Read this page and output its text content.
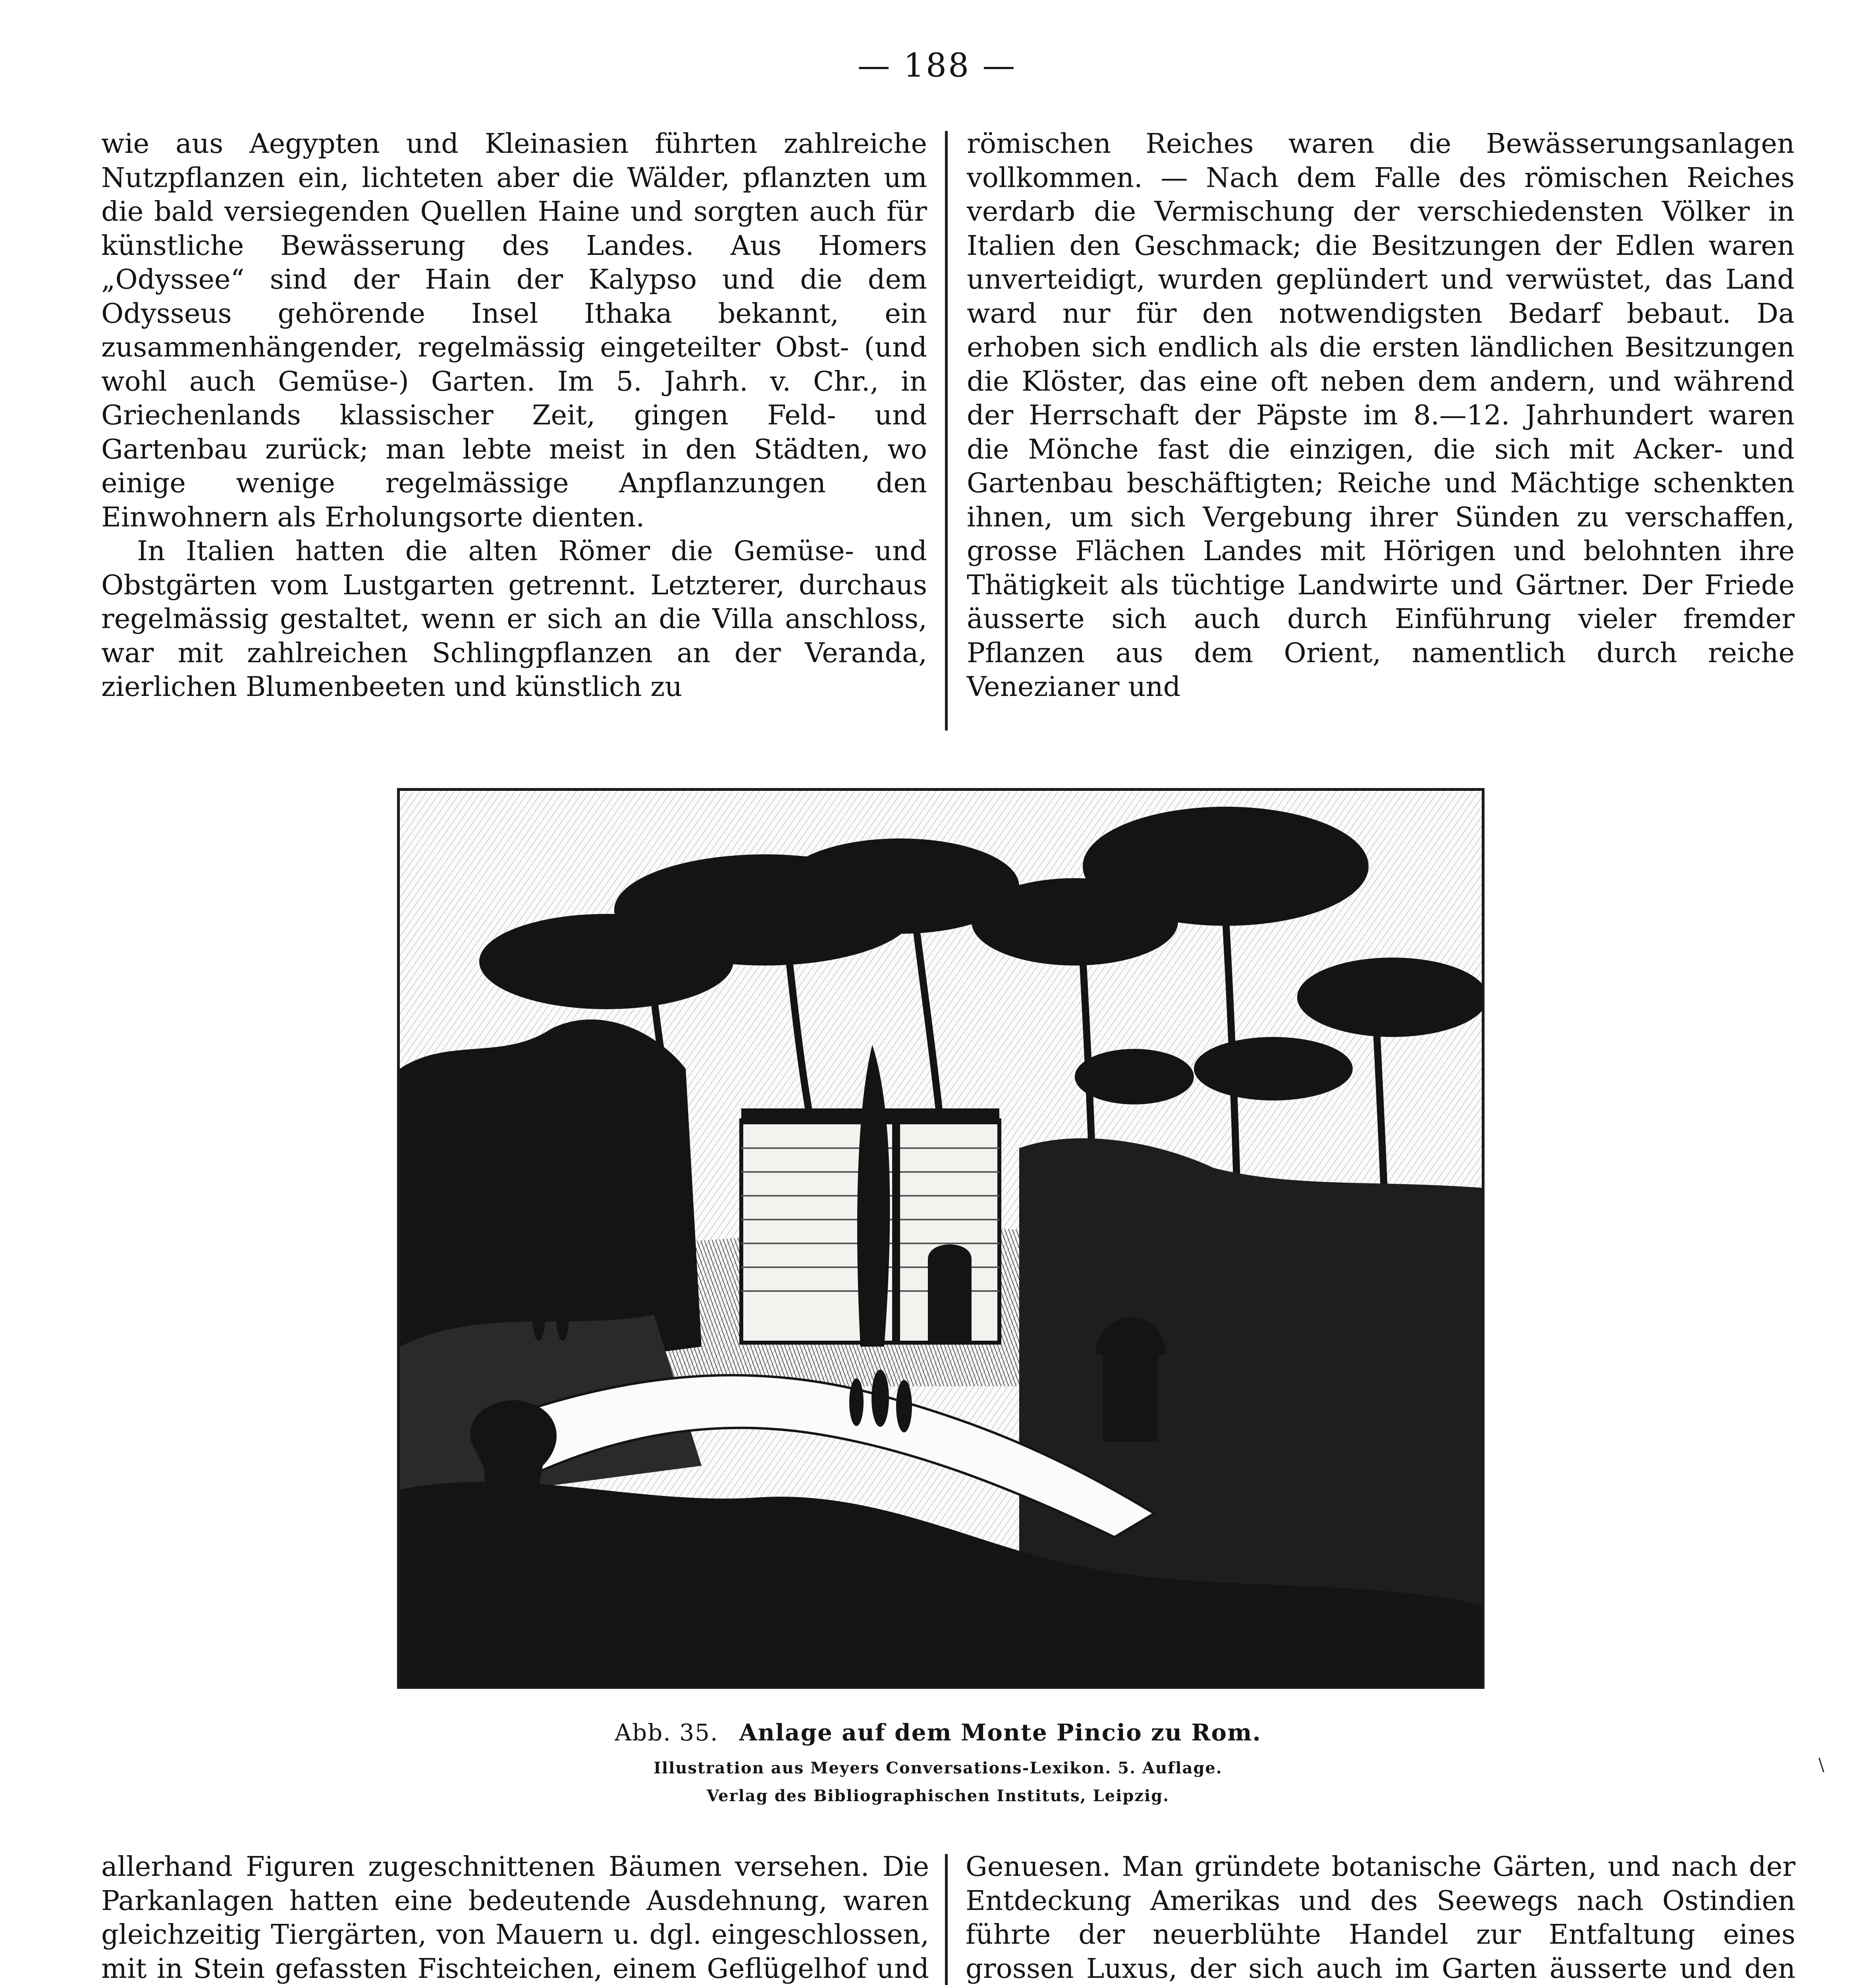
— 188 —

wie aus Aegypten und Kleinasien führten zahlreiche Nutzpflanzen ein, lichteten aber die Wälder, pflanzten um die bald versiegenden Quellen Haine und sorgten auch für künstliche Bewässerung des Landes. Aus Homers „Odyssee“ sind der Hain der Kalypso und die dem Odysseus gehörende Insel Ithaka bekannt, ein zusammenhängender, regelmässig eingeteilter Obst- (und wohl auch Gemüse-) Garten. Im 5. Jahrh. v. Chr., in Griechenlands klassischer Zeit, gingen Feld- und Gartenbau zurück; man lebte meist in den Städten, wo einige wenige regelmässige Anpflanzungen den Einwohnern als Erholungsorte dienten.

In Italien hatten die alten Römer die Gemüse- und Obstgärten vom Lustgarten getrennt. Letzterer, durchaus regelmässig gestaltet, wenn er sich an die Villa anschloss, war mit zahlreichen Schlingpflanzen an der Veranda, zierlichen Blumenbeeten und künstlich zu

römischen Reiches waren die Bewässerungsanlagen vollkommen. — Nach dem Falle des römischen Reiches verdarb die Vermischung der verschiedensten Völker in Italien den Geschmack; die Besitzungen der Edlen waren unverteidigt, wurden geplündert und verwüstet, das Land ward nur für den notwendigsten Bedarf bebaut. Da erhoben sich endlich als die ersten ländlichen Besitzungen die Klöster, das eine oft neben dem andern, und während der Herrschaft der Päpste im 8.—12. Jahrhundert waren die Mönche fast die einzigen, die sich mit Acker- und Gartenbau beschäftigten; Reiche und Mächtige schenkten ihnen, um sich Vergebung ihrer Sünden zu verschaffen, grosse Flächen Landes mit Hörigen und belohnten ihre Thätigkeit als tüchtige Landwirte und Gärtner. Der Friede äusserte sich auch durch Einführung vieler fremder Pflanzen aus dem Orient, namentlich durch reiche Venezianer und

Abb. 35. Anlage auf dem Monte Pincio zu Rom.
Illustration aus Meyers Conversations-Lexikon. 5. Auflage.
Verlag des Bibliographischen Instituts, Leipzig.

allerhand Figuren zugeschnittenen Bäumen versehen. Die Parkanlagen hatten eine bedeutende Ausdehnung, waren gleichzeitig Tiergärten, von Mauern u. dgl. eingeschlossen, mit in Stein gefassten Fischteichen, einem Geflügelhof und

Genuesen. Man gründete botanische Gärten, und nach der Entdeckung Amerikas und des Seewegs nach Ostindien führte der neuerblühte Handel zur Entfaltung eines grossen Luxus, der sich auch im Garten äusserte und den

\
